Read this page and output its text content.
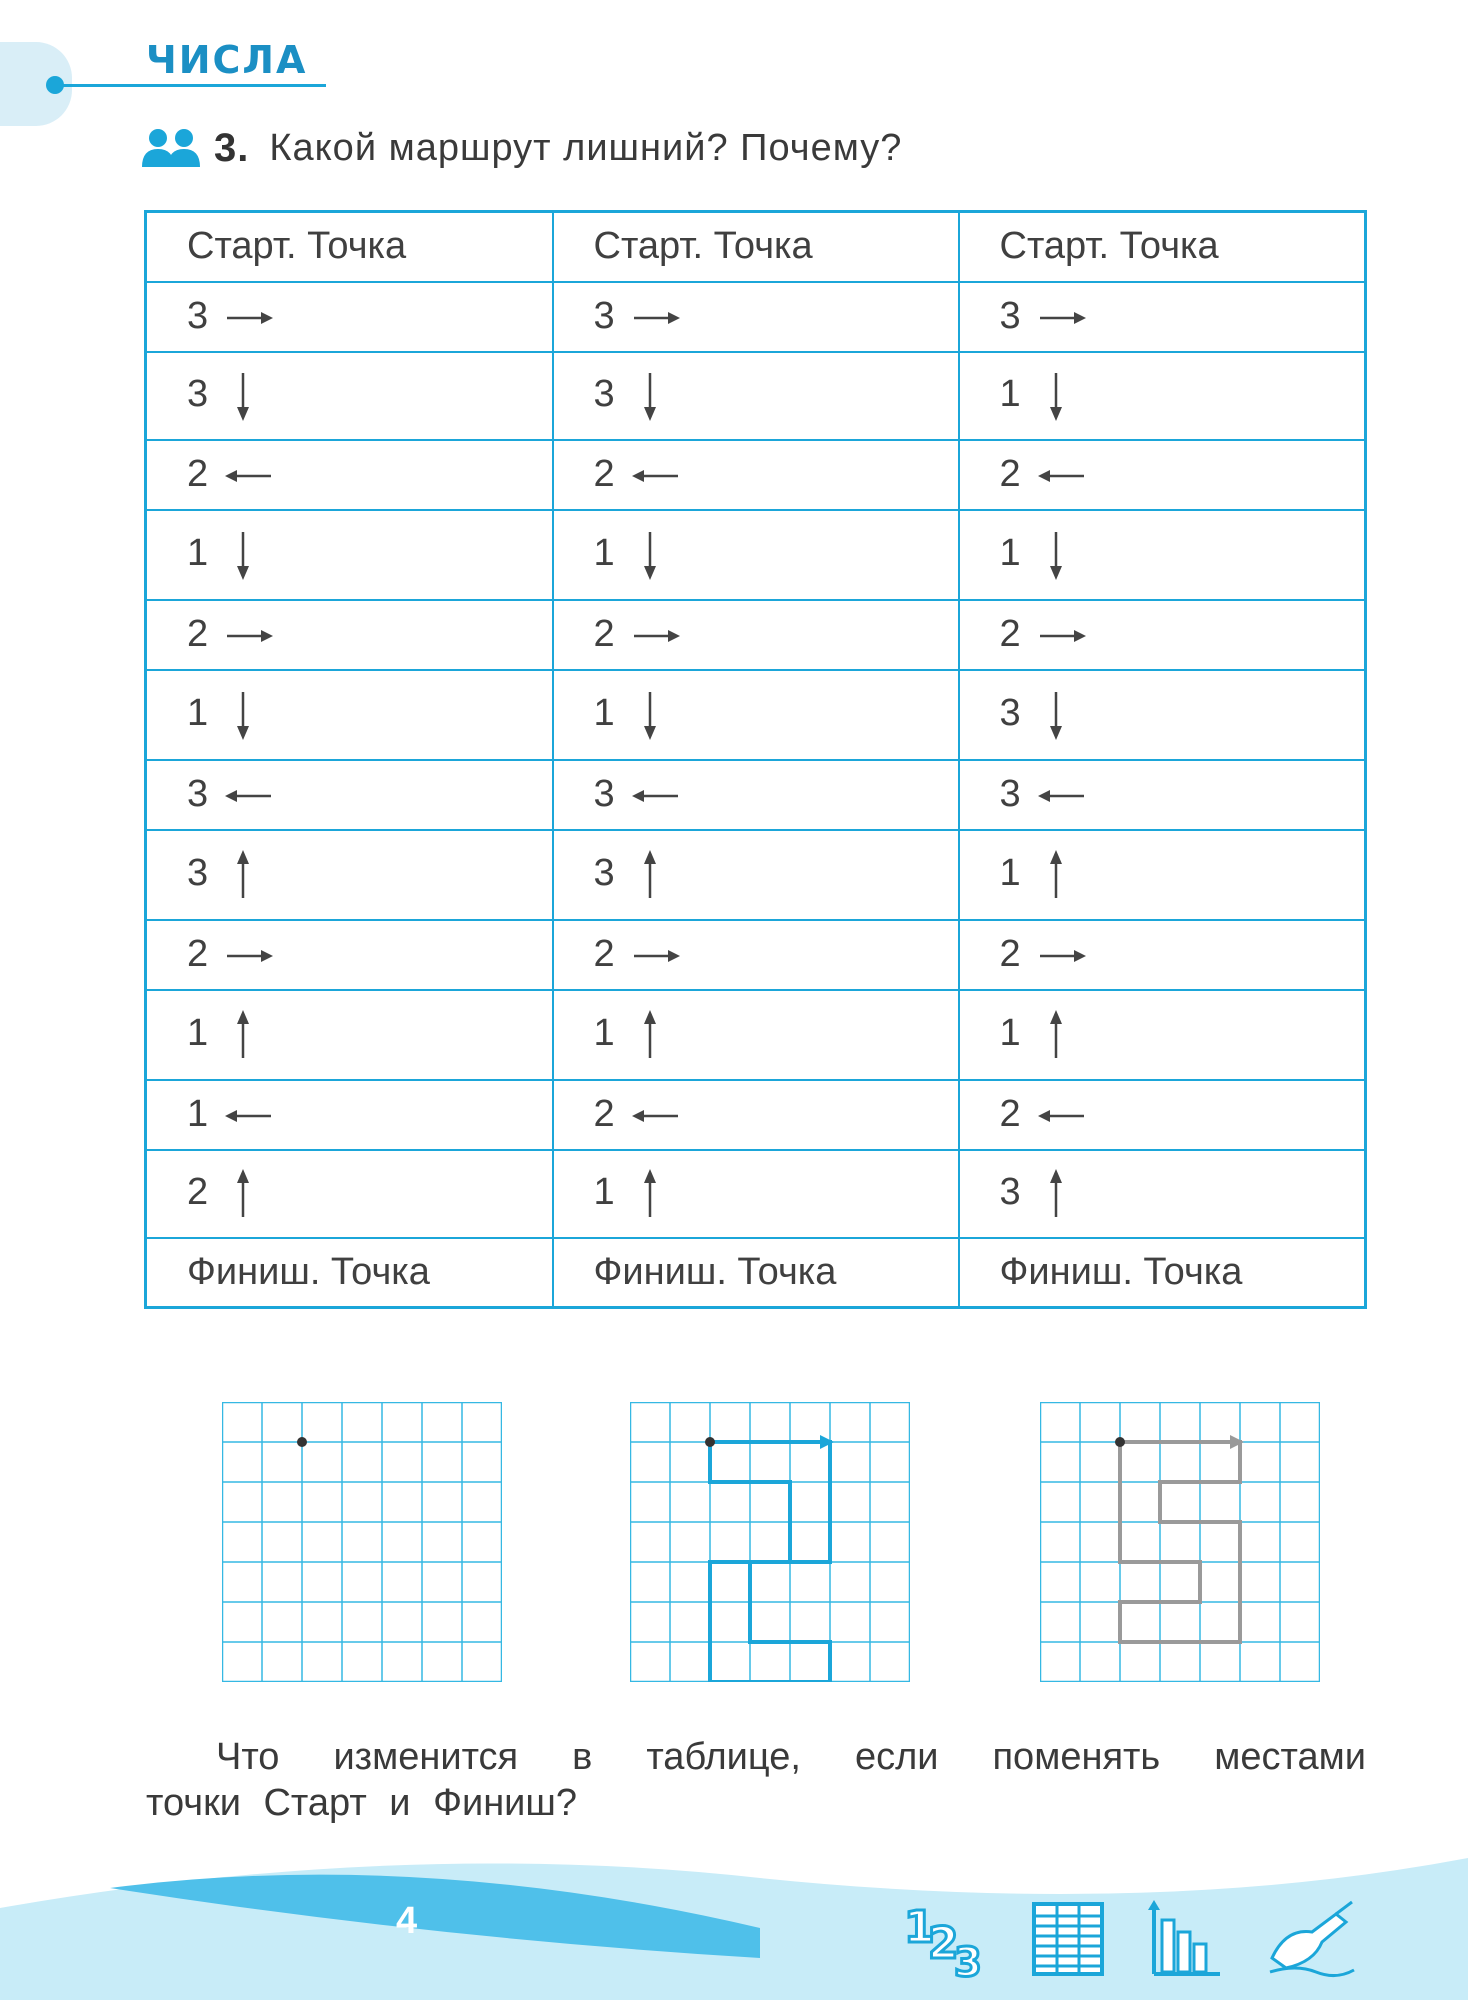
ЧИСЛА
3. Какой маршрут лишний? Почему?
Старт. Точка	Старт. Точка	Старт. Точка
3	3	3
3	3	1
2	2	2
1	1	1
2	2	2
1	1	3
3	3	3
3	3	1
2	2	2
1	1	1
1	2	2
2	1	3
Финиш. Точка	Финиш. Точка	Финиш. Точка
Что изменится в таблице, если поменять местами
точки Старт и Финиш?
4	1
2
3
